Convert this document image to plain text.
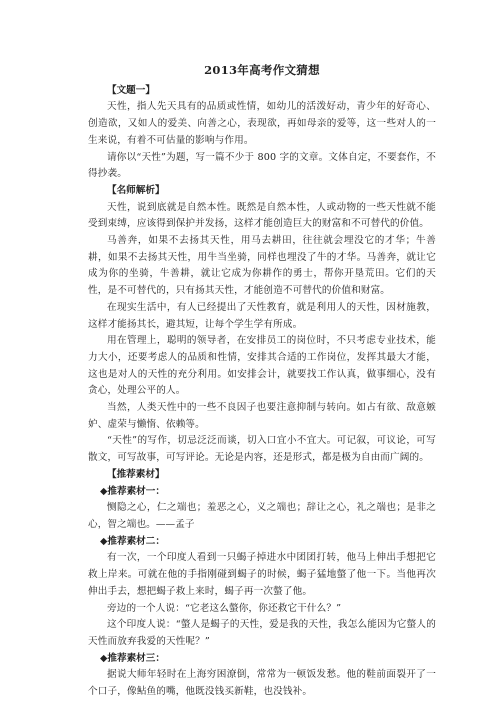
2013年高考作文猜想

【文题一】

天性，指人先天具有的品质或性情，如幼儿的活泼好动，青少年的好奇心、创造欲，又如人的爱美、向善之心，表现欲，再如母亲的爱等，这一些对人的一生来说，有着不可估量的影响与作用。

请你以“天性”为题，写一篇不少于 800 字的文章。文体自定，不要套作，不得抄袭。

【名师解析】

天性，说到底就是自然本性。既然是自然本性，人或动物的一些天性就不能受到束缚，应该得到保护并发扬，这样才能创造巨大的财富和不可替代的价值。

马善奔，如果不去扬其天性，用马去耕田，往往就会埋没它的才华；牛善耕，如果不去扬其天性，用牛当坐骑，同样也埋没了牛的才华。马善奔，就让它成为你的坐骑，牛善耕，就让它成为你耕作的勇士，帮你开垦荒田。它们的天性，是不可替代的，只有扬其天性，才能创造不可替代的价值和财富。

在现实生活中，有人已经提出了天性教育，就是利用人的天性，因材施教，这样才能扬其长，避其短，让每个学生学有所成。

用在管理上，聪明的领导者，在安排员工的岗位时，不只考虑专业技术，能力大小，还要考虑人的品质和性情，安排其合适的工作岗位，发挥其最大才能，这也是对人的天性的充分利用。如安排会计，就要找工作认真，做事细心，没有贪心，处理公平的人。

当然，人类天性中的一些不良因子也要注意抑制与转向。如占有欲、敌意嫉妒、虚荣与懒惰、依赖等。

“天性”的写作，切忌泛泛而谈，切入口宜小不宜大。可记叙，可议论，可写散文，可写故事，可写评论。无论是内容，还是形式，都是极为自由而广阔的。

【推荐素材】

◆推荐素材一：

恻隐之心，仁之端也；羞恶之心，义之端也；辞让之心，礼之端也；是非之心，智之端也。——孟子

◆推荐素材二：

有一次，一个印度人看到一只蝎子掉进水中团团打转，他马上伸出手想把它救上岸来。可就在他的手指刚碰到蝎子的时候，蝎子猛地螫了他一下。当他再次伸出手去，想把蝎子救上来时，蝎子再一次螫了他。

旁边的一个人说：“它老这么螫你，你还救它干什么？”

这个印度人说：“螫人是蝎子的天性，爱是我的天性，我怎么能因为它螫人的天性而放弃我爱的天性呢？”

◆推荐素材三：

据说大师年轻时在上海穷困潦倒，常常为一顿饭发愁。他的鞋前面裂开了一个口子，像鲇鱼的嘴，他既没钱买新鞋，也没钱补。
